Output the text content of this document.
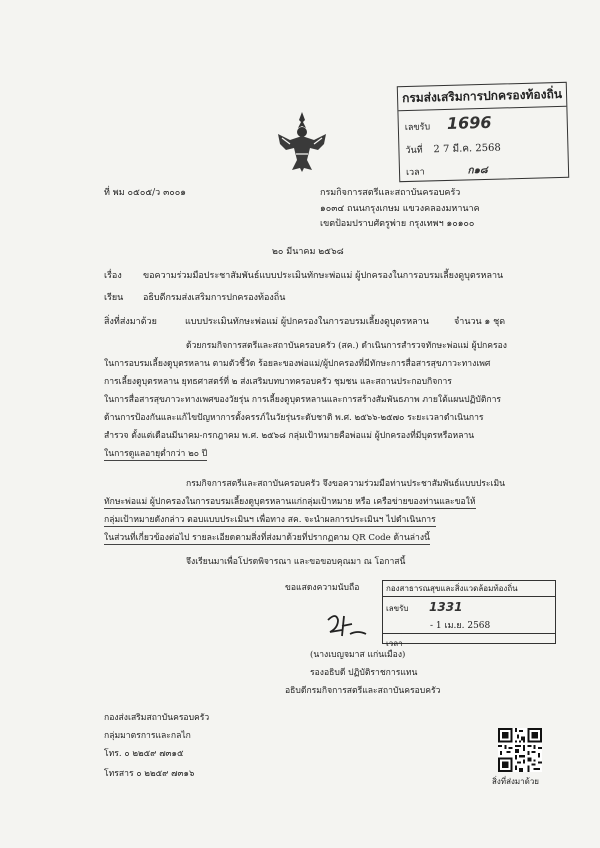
กรมส่งเสริมการปกครองท้องถิ่น
เลขรับ 1696
วันที่ 2 7 มี.ค. 2568
เวลา	ก๑๘
ที่ พม ๐๕๐๕/ว ๓๐๐๑	กรมกิจการสตรีและสถาบันครอบครัว
๑๐๓๔ ถนนกรุงเกษม แขวงคลองมหานาค
เขตป้อมปราบศัตรูพ่าย กรุงเทพฯ ๑๐๑๐๐
๒๐ มีนาคม ๒๕๖๘
เรื่อง ขอความร่วมมือประชาสัมพันธ์แบบประเมินทักษะพ่อแม่ ผู้ปกครองในการอบรมเลี้ยงดูบุตรหลาน
เรียน อธิบดีกรมส่งเสริมการปกครองท้องถิ่น
สิ่งที่ส่งมาด้วย	แบบประเมินทักษะพ่อแม่ ผู้ปกครองในการอบรมเลี้ยงดูบุตรหลาน	จำนวน ๑ ชุด
ด้วยกรมกิจการสตรีและสถาบันครอบครัว (สค.) ดำเนินการสำรวจทักษะพ่อแม่ ผู้ปกครอง
ในการอบรมเลี้ยงดูบุตรหลาน ตามตัวชี้วัด ร้อยละของพ่อแม่/ผู้ปกครองที่มีทักษะการสื่อสารสุขภาวะทางเพศ
การเลี้ยงดูบุตรหลาน ยุทธศาสตร์ที่ ๒ ส่งเสริมบทบาทครอบครัว ชุมชน และสถานประกอบกิจการ
ในการสื่อสารสุขภาวะทางเพศของวัยรุ่น การเลี้ยงดูบุตรหลานและการสร้างสัมพันธภาพ ภายใต้แผนปฏิบัติการ
ด้านการป้องกันและแก้ไขปัญหาการตั้งครรภ์ในวัยรุ่นระดับชาติ พ.ศ. ๒๕๖๖-๒๕๗๐ ระยะเวลาดำเนินการ
สำรวจ ตั้งแต่เดือนมีนาคม-กรกฎาคม พ.ศ. ๒๕๖๘ กลุ่มเป้าหมายคือพ่อแม่ ผู้ปกครองที่มีบุตรหรือหลาน
ในการดูแลอายุต่ำกว่า ๒๐ ปี
กรมกิจการสตรีและสถาบันครอบครัว จึงขอความร่วมมือท่านประชาสัมพันธ์แบบประเมิน
ทักษะพ่อแม่ ผู้ปกครองในการอบรมเลี้ยงดูบุตรหลานแก่กลุ่มเป้าหมาย หรือ เครือข่ายของท่านและขอให้
กลุ่มเป้าหมายดังกล่าว ตอบแบบประเมินฯ เพื่อทาง สค. จะนำผลการประเมินฯ ไปดำเนินการ
ในส่วนที่เกี่ยวข้องต่อไป รายละเอียดตามสิ่งที่ส่งมาด้วยที่ปรากฏตาม QR Code ด้านล่างนี้
จึงเรียนมาเพื่อโปรดพิจารณา และขอขอบคุณมา ณ โอกาสนี้
ขอแสดงความนับถือ	กองสาธารณสุขและสิ่งแวดล้อมท้องถิ่น
เลขรับ 1331
- 1 เม.ย. 2568
เวลา
(นางเบญจมาส แก่นเมือง)
รองอธิบดี ปฏิบัติราชการแทน
อธิบดีกรมกิจการสตรีและสถาบันครอบครัว
กองส่งเสริมสถาบันครอบครัว
กลุ่มมาตรการและกลไก
โทร. ๐ ๒๒๕๙ ๗๓๑๕
โทรสาร ๐ ๒๒๕๙ ๗๓๑๖
สิ่งที่ส่งมาด้วย
